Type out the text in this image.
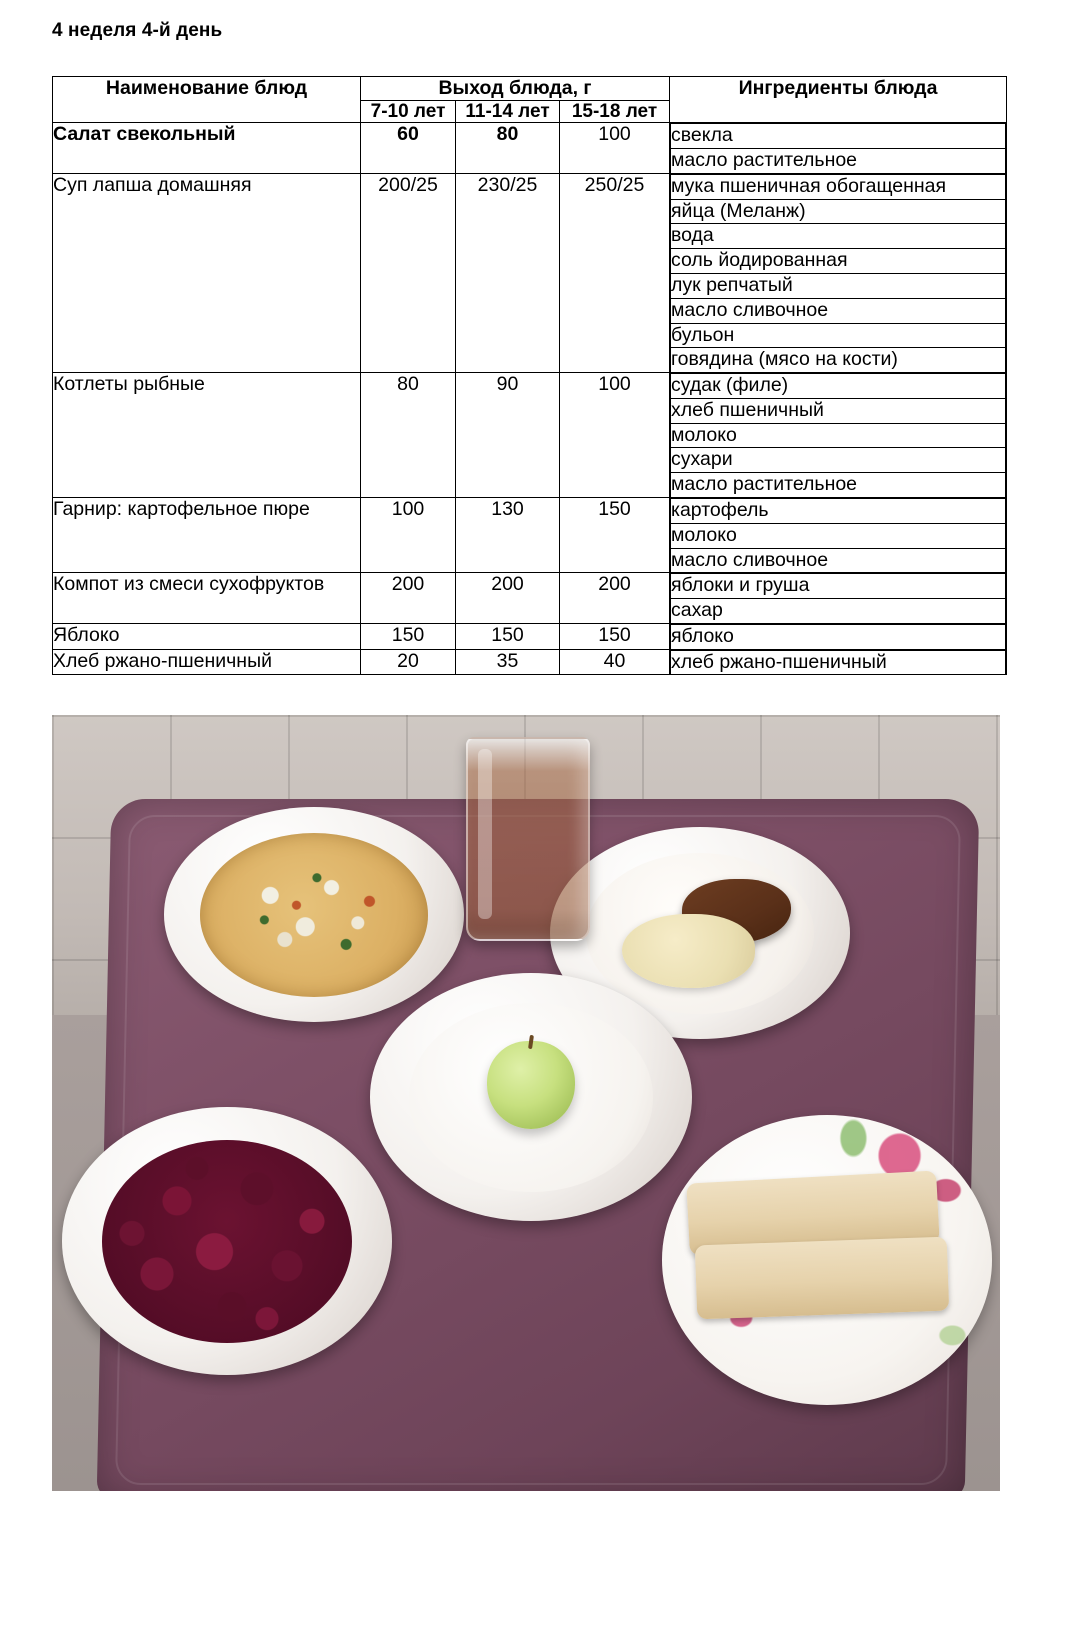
4 неделя 4-й день
Наименование блюд	Выход блюда, г	Ингредиенты блюда
7-10 лет	11-14 лет	15-18 лет
Салат свекольный	60	80	100	свекла
масло растительное

Суп лапша домашняя	200/25	230/25	250/25	мука пшеничная обогащенная
яйца (Меланж)
вода
соль йодированная
лук репчатый
масло сливочное
бульон
говядина (мясо на кости)

Котлеты рыбные	80	90	100	судак (филе)
хлеб пшеничный
молоко
сухари
масло растительное

Гарнир: картофельное пюре	100	130	150	картофель
молоко
масло сливочное

Компот из смеси сухофруктов	200	200	200	яблоки и груша
сахар

Яблоко	150	150	150	яблоко

Хлеб ржано-пшеничный	20	35	40	хлеб ржано-пшеничный
